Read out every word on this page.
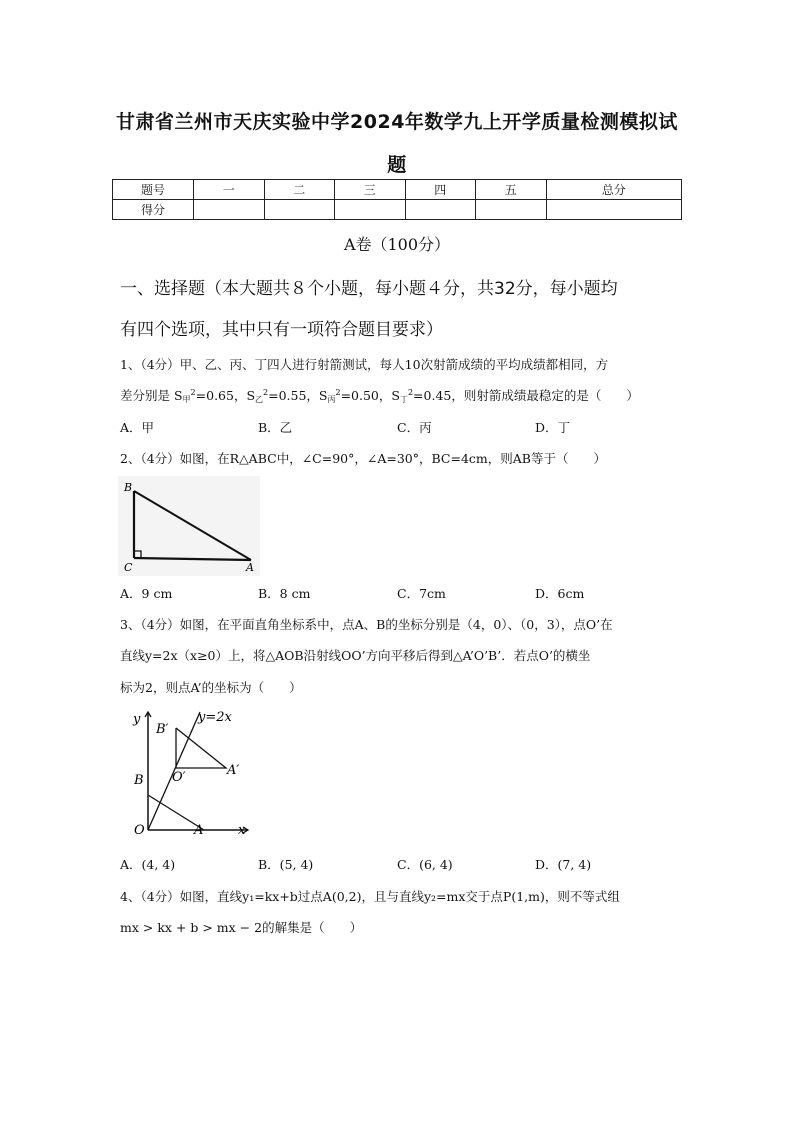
甘肃省兰州市天庆实验中学2024年数学九上开学质量检测模拟试
题
题号	一	二	三	四	五	总分
得分						
A卷（100分）
一、选择题（本大题共８个小题，每小题４分，共32分，每小题均
有四个选项，其中只有一项符合题目要求）
1、（4分）甲、乙、丙、丁四人进行射箭测试，每人10次射箭成绩的平均成绩都相同，方
差分别是 $S_甲^2=0.65$，$S_乙^2=0.55$，$S_丙^2=0.50$，$S_丁^2=0.45$，则射箭成绩最稳定的是（　　）
A．甲	B．乙	C．丙	D．丁
2、（4分）如图，在R△ABC中，∠C=90°，∠A=30°，BC=4cm，则AB等于（　　）
B
C	A
A．9 cm	B．8 cm	C．7cm	D．6cm
3、（4分）如图，在平面直角坐标系中，点A、B的坐标分别是（4，0）、（0，3），点O’在
直线y=2x（x≥0）上，将△AOB沿射线OO’方向平移后得到△A’O’B’．若点O’的横坐
标为2，则点A’的坐标为（　　）
y	y=2x
B′
O′	A′
B
O	A	x
A．(4, 4)	B．(5, 4)	C．(6, 4)	D．(7, 4)
4、（4分）如图，直线y₁=kx+b过点A(0,2)，且与直线y₂=mx交于点P(1,m)，则不等式组
mx > kx + b > mx − 2的解集是（　　）
